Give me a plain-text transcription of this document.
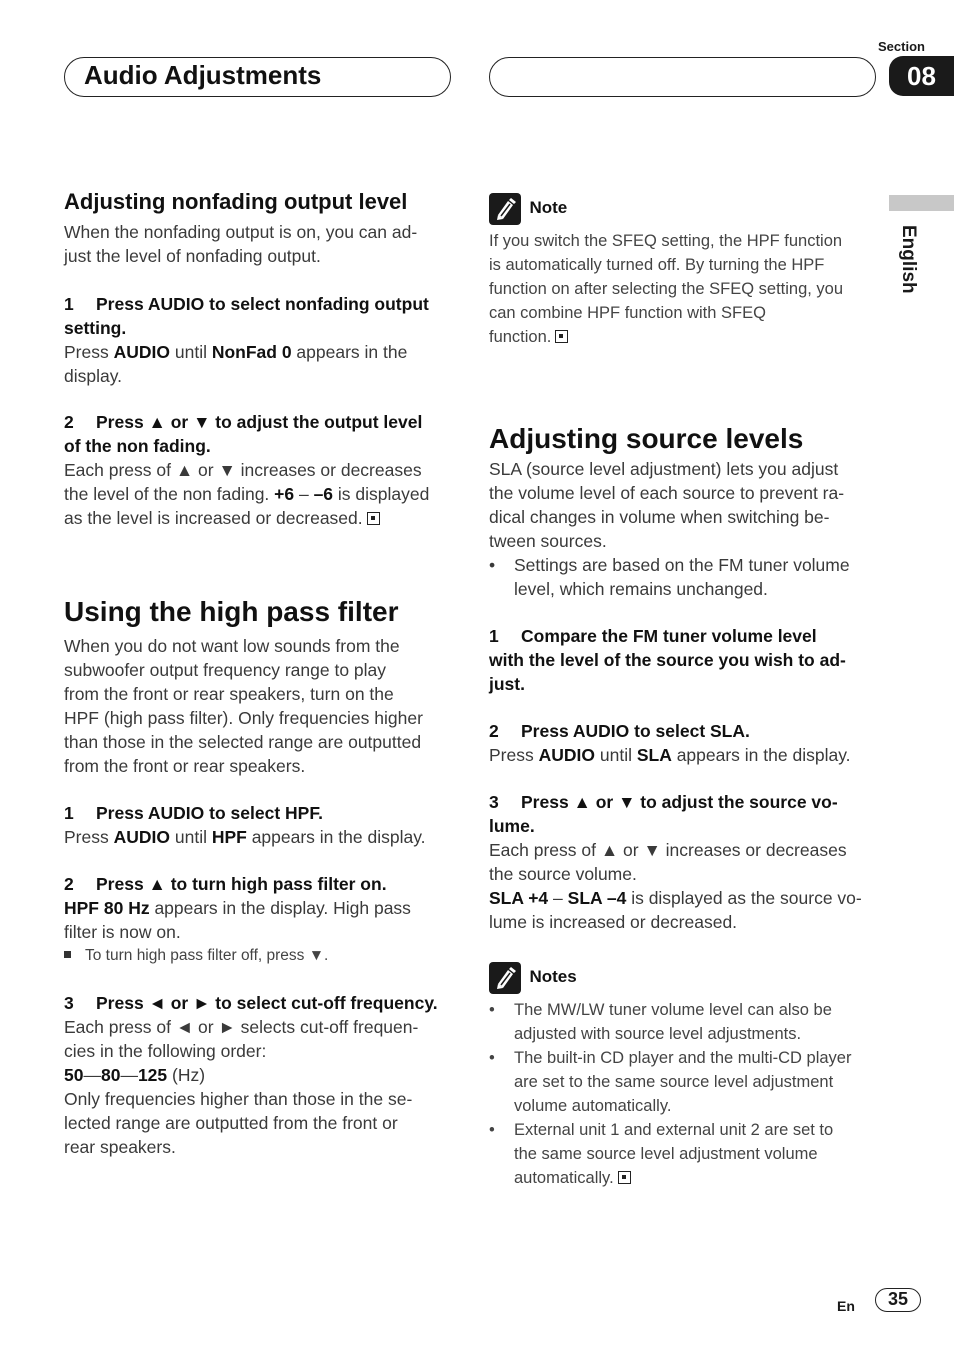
Audio Adjustments
Section
08
English

Adjusting nonfading output level

When the nonfading output is on, you can ad-

just the level of nonfading output.

1 Press AUDIO to select nonfading output

setting.

Press AUDIO until NonFad 0 appears in the

display.

2 Press ▲ or ▼ to adjust the output level

of the non fading.

Each press of ▲ or ▼ increases or decreases

the level of the non fading. +6 – –6 is displayed

as the level is increased or decreased.

Using the high pass filter

When you do not want low sounds from the

subwoofer output frequency range to play

from the front or rear speakers, turn on the

HPF (high pass filter). Only frequencies higher

than those in the selected range are outputted

from the front or rear speakers.

1 Press AUDIO to select HPF.

Press AUDIO until HPF appears in the display.

2 Press ▲ to turn high pass filter on.

HPF 80 Hz appears in the display. High pass

filter is now on.

To turn high pass filter off, press ▼.

3 Press ◄ or ► to select cut-off frequency.

Each press of ◄ or ► selects cut-off frequen-

cies in the following order:

50—80—125 (Hz)

Only frequencies higher than those in the se-

lected range are outputted from the front or

rear speakers.

Note

If you switch the SFEQ setting, the HPF function

is automatically turned off. By turning the HPF

function on after selecting the SFEQ setting, you

can combine HPF function with SFEQ

function.

Adjusting source levels

SLA (source level adjustment) lets you adjust

the volume level of each source to prevent ra-

dical changes in volume when switching be-

tween sources.

• Settings are based on the FM tuner volume

level, which remains unchanged.

1 Compare the FM tuner volume level

with the level of the source you wish to ad-

just.

2 Press AUDIO to select SLA.

Press AUDIO until SLA appears in the display.

3 Press ▲ or ▼ to adjust the source vo-

lume.

Each press of ▲ or ▼ increases or decreases

the source volume.

SLA +4 – SLA –4 is displayed as the source vo-

lume is increased or decreased.

Notes
• The MW/LW tuner volume level can also be

adjusted with source level adjustments.

• The built-in CD player and the multi-CD player

are set to the same source level adjustment

volume automatically.

• External unit 1 and external unit 2 are set to

the same source level adjustment volume

automatically.

En	35
